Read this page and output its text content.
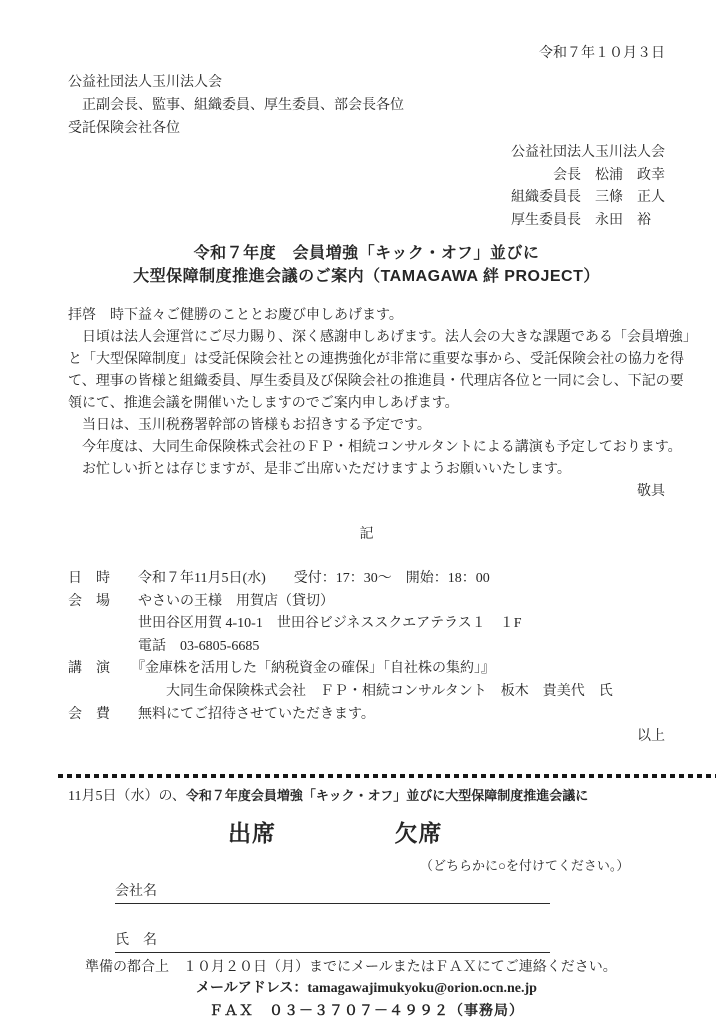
令和７年１０月３日
公益社団法人玉川法人会
　正副会長、監事、組織委員、厚生委員、部会長各位
受託保険会社各位
公益社団法人玉川法人会
　　　会長　松浦　政幸
組織委員長　三條　正人
厚生委員長　永田　裕
令和７年度　会員増強「キック・オフ」並びに
大型保障制度推進会議のご案内（TAMAGAWA 絆 PROJECT）
拝啓　時下益々ご健勝のこととお慶び申しあげます。
　日頃は法人会運営にご尽力賜り、深く感謝申しあげます。法人会の大きな課題である「会員増強」
と「大型保障制度」は受託保険会社との連携強化が非常に重要な事から、受託保険会社の協力を得
て、理事の皆様と組織委員、厚生委員及び保険会社の推進員・代理店各位と一同に会し、下記の要
領にて、推進会議を開催いたしますのでご案内申しあげます。
　当日は、玉川税務署幹部の皆様もお招きする予定です。
　今年度は、大同生命保険株式会社のＦＰ・相続コンサルタントによる講演も予定しております。
　お忙しい折とは存じますが、是非ご出席いただけますようお願いいたします。
敬具
記
日　時　　令和７年11月5日(水)　　受付：17：30～　開始：18：00
会　場　　やさいの王様　用賀店（貸切）
　　　　　世田谷区用賀 4-10-1　世田谷ビジネススクエアテラス１　１F
　　　　　電話　03-6805-6685
講　演　　『金庫株を活用した「納税資金の確保」「自社株の集約」』
　　　　　　　大同生命保険株式会社　ＦＰ・相続コンサルタント　板木　貴美代　氏
会　費　　無料にてご招待させていただきます。
以上
11月5日（水）の、令和７年度会員増強「キック・オフ」並びに大型保障制度推進会議に
出席	欠席
（どちらかに○を付けてください。）
会社名
氏　名
準備の都合上　１０月２０日（月）までにメールまたはＦＡＸにてご連絡ください。
メールアドレス：tamagawajimukyoku@orion.ocn.ne.jp
ＦＡＸ　０３－３７０７－４９９２（事務局）
